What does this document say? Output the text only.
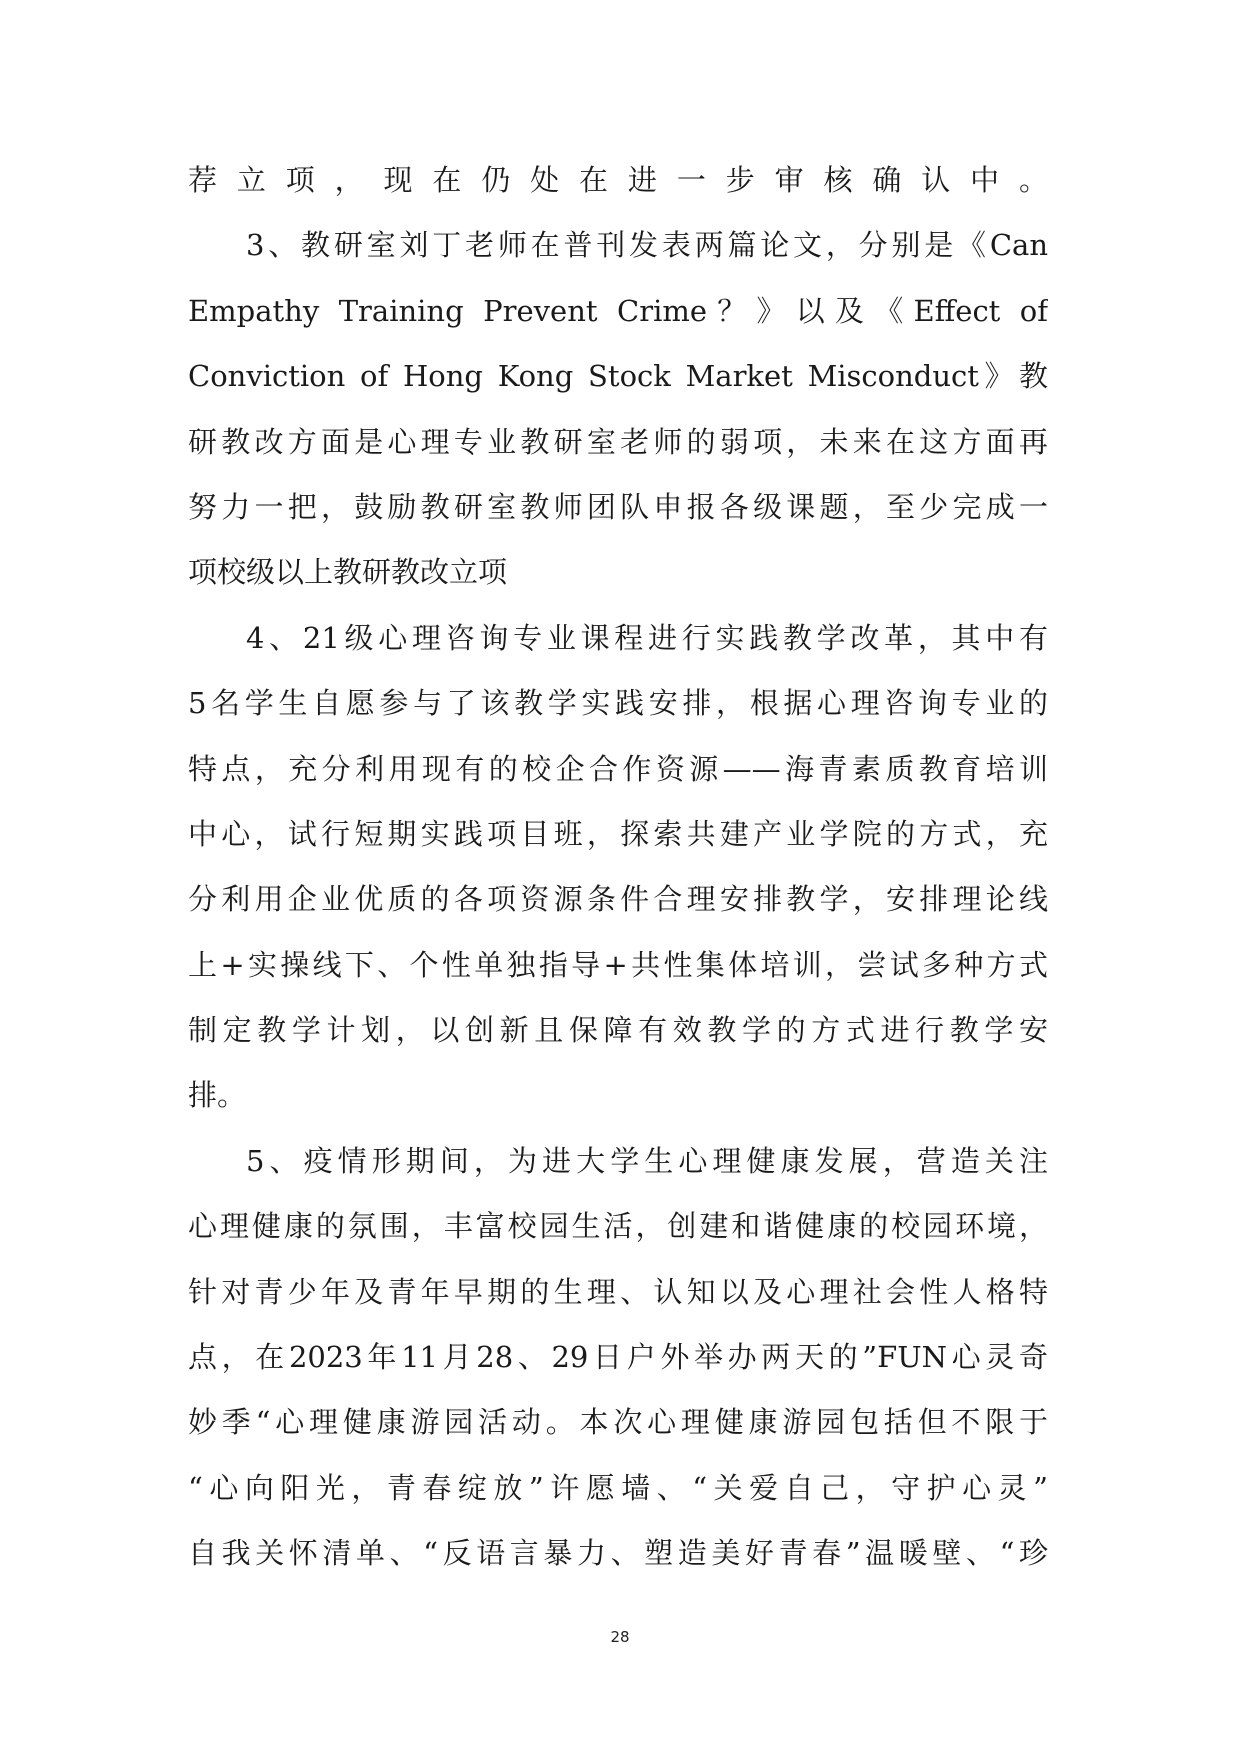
荐立项，现在仍处在进一步审核确认中。
3、教研室刘丁老师在普刊发表两篇论文，分别是《Can
Empathy Training Prevent Crime？》以及《Effect of
Conviction of Hong Kong Stock Market Misconduct》教
研教改方面是心理专业教研室老师的弱项，未来在这方面再
努力一把，鼓励教研室教师团队申报各级课题，至少完成一
项校级以上教研教改立项
4、21级心理咨询专业课程进行实践教学改革，其中有
5名学生自愿参与了该教学实践安排，根据心理咨询专业的
特点，充分利用现有的校企合作资源——海青素质教育培训
中心，试行短期实践项目班，探索共建产业学院的方式，充
分利用企业优质的各项资源条件合理安排教学，安排理论线
上+实操线下、个性单独指导+共性集体培训，尝试多种方式
制定教学计划，以创新且保障有效教学的方式进行教学安
排。
5、疫情形期间，为进大学生心理健康发展，营造关注
心理健康的氛围，丰富校园生活，创建和谐健康的校园环境，
针对青少年及青年早期的生理、认知以及心理社会性人格特
点，在2023年11月28、29日户外举办两天的”FUN心灵奇
妙季“心理健康游园活动。本次心理健康游园包括但不限于
“心向阳光，青春绽放”许愿墙、“关爱自己，守护心灵”
自我关怀清单、“反语言暴力、塑造美好青春”温暖壁、“珍
28
